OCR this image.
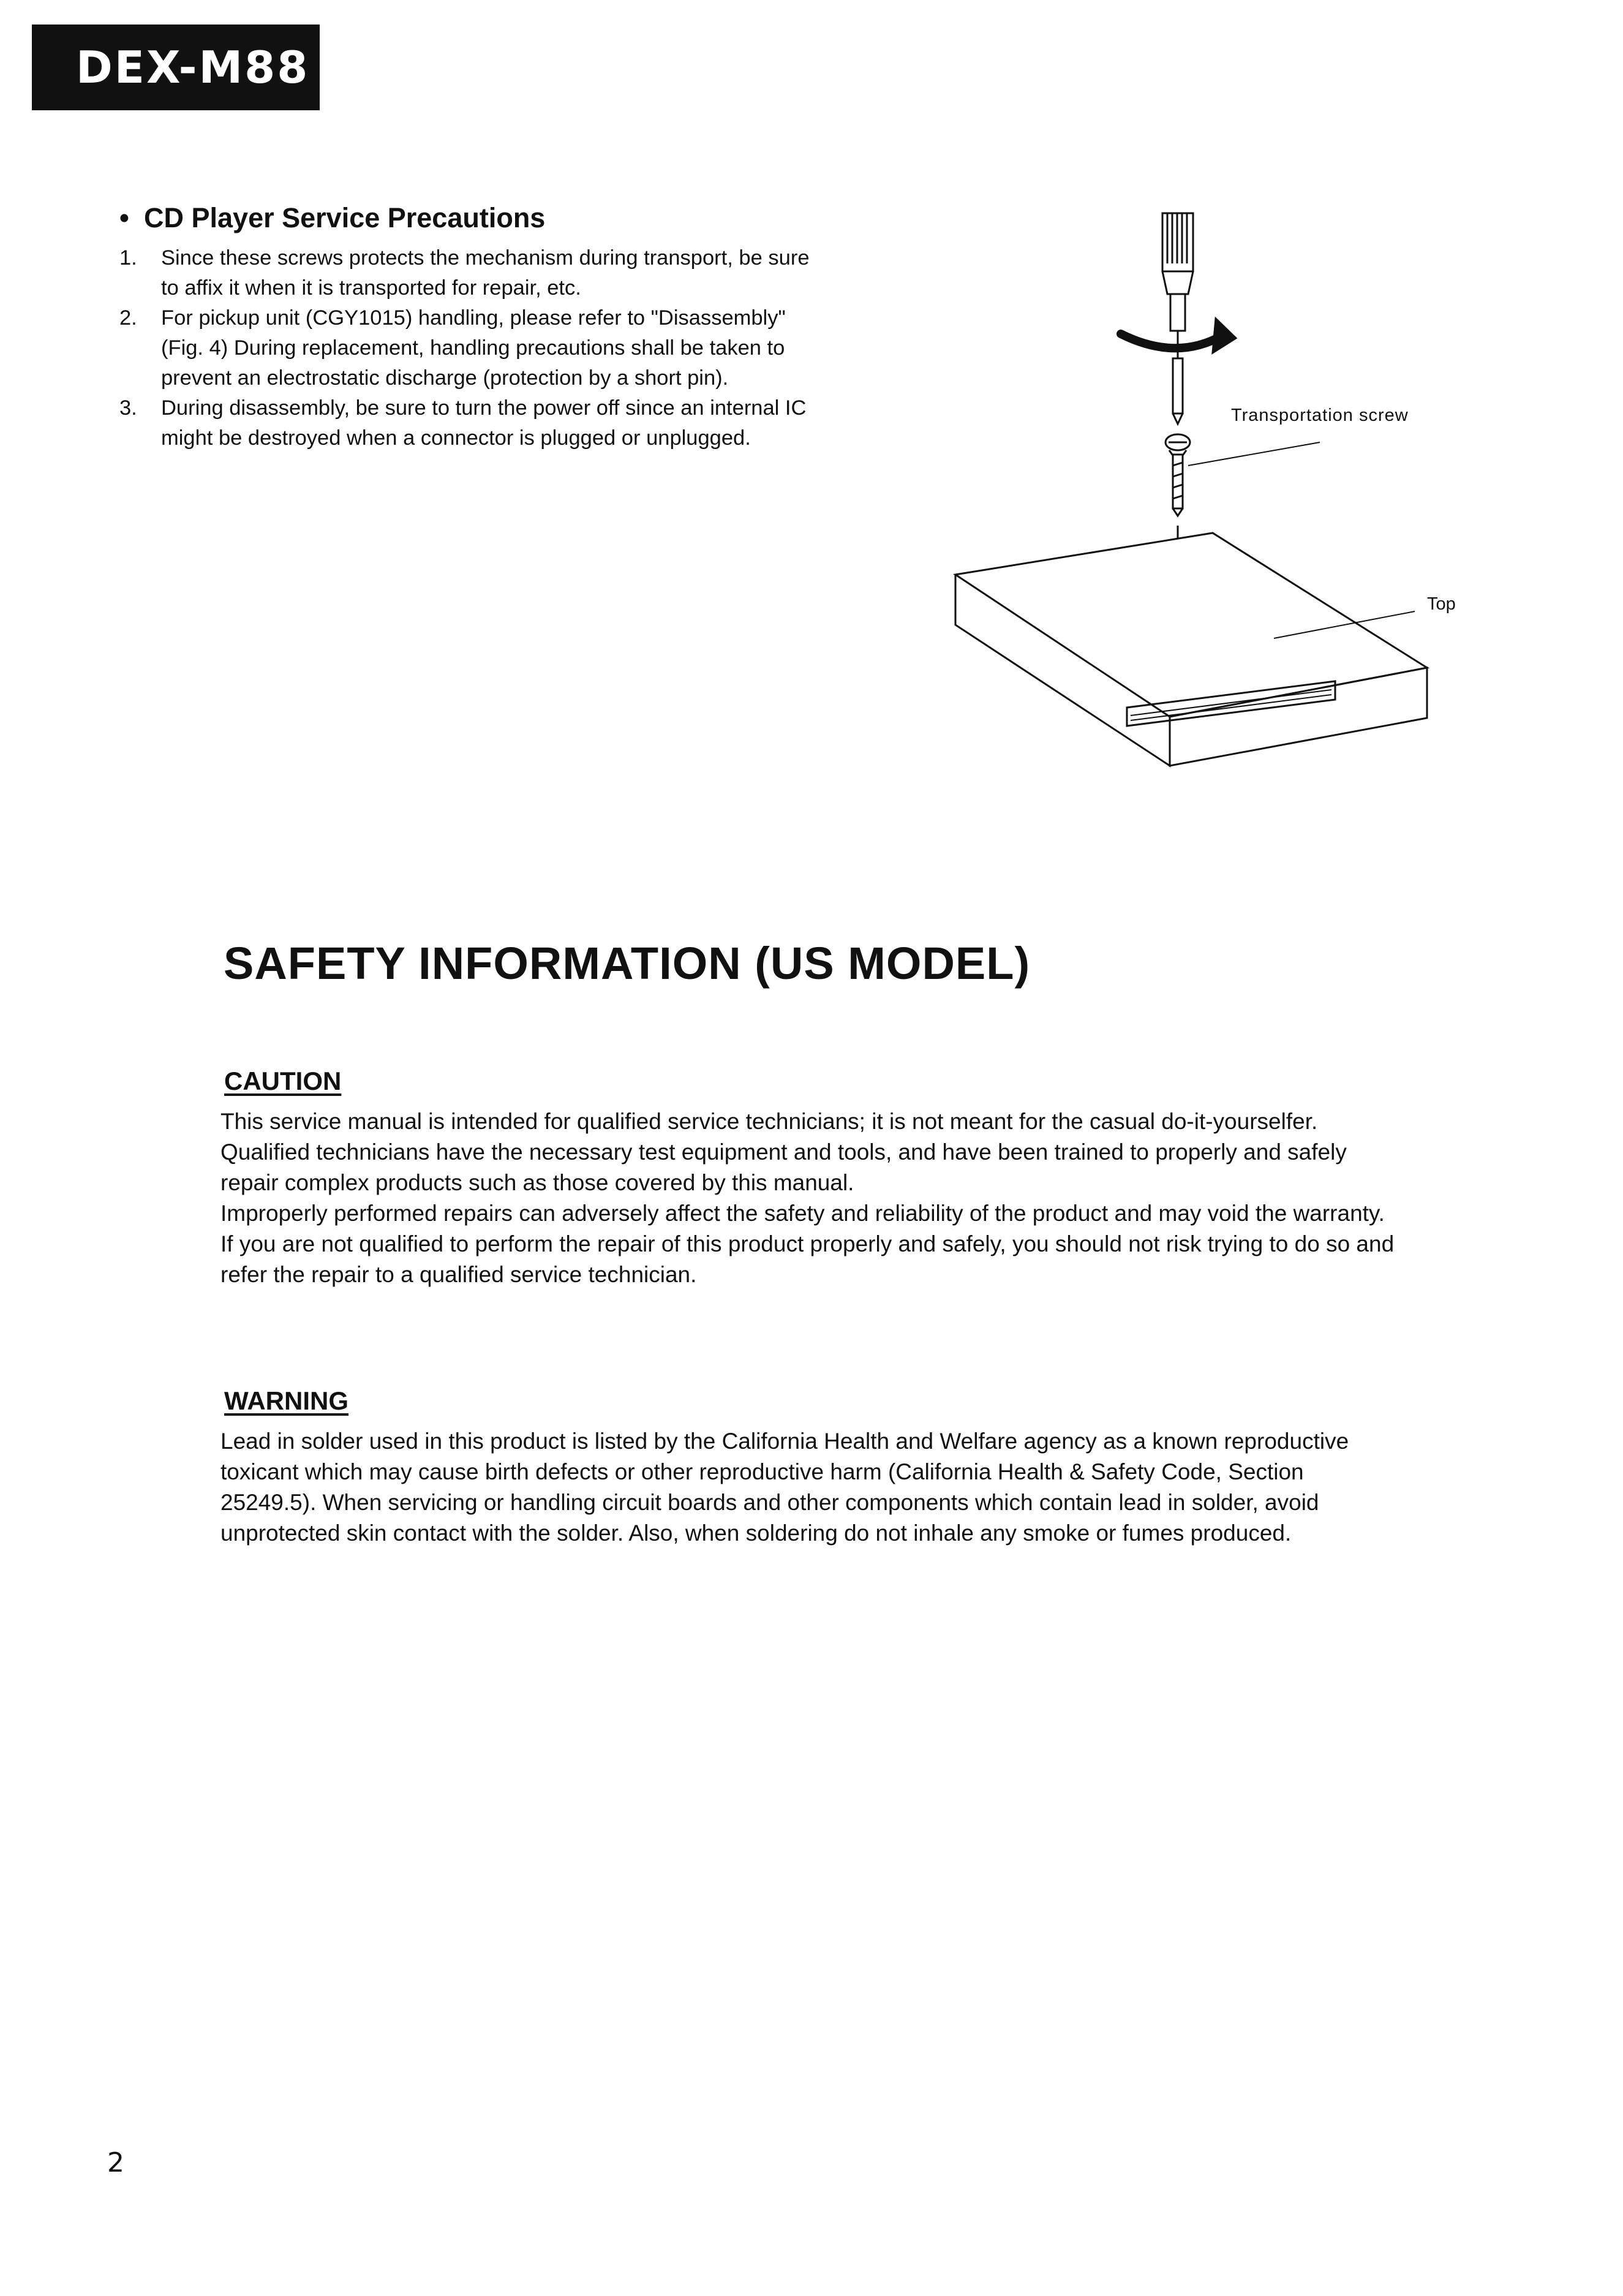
DEX-M88
• CD Player Service Precautions
1.	Since these screws protects the mechanism during transport, be sure to affix it when it is transported for repair, etc.
2.	For pickup unit (CGY1015) handling, please refer to "Disassembly" (Fig. 4) During replacement, handling precautions shall be taken to prevent an electrostatic discharge (protection by a short pin).
3.	During disassembly, be sure to turn the power off since an internal IC might be destroyed when a connector is plugged or unplugged.
Transportation screw
Top
SAFETY INFORMATION (US MODEL)
CAUTION

This service manual is intended for qualified service technicians; it is not meant for the casual do-it-yourselfer. Qualified technicians have the necessary test equipment and tools, and have been trained to properly and safely repair complex products such as those covered by this manual.

Improperly performed repairs can adversely affect the safety and reliability of the product and may void the warranty. If you are not qualified to perform the repair of this product properly and safely, you should not risk trying to do so and refer the repair to a qualified service technician.

WARNING

Lead in solder used in this product is listed by the California Health and Welfare agency as a known reproductive toxicant which may cause birth defects or other reproductive harm (California Health & Safety Code, Section 25249.5). When servicing or handling circuit boards and other components which contain lead in solder, avoid unprotected skin contact with the solder. Also, when soldering do not inhale any smoke or fumes produced.

2
